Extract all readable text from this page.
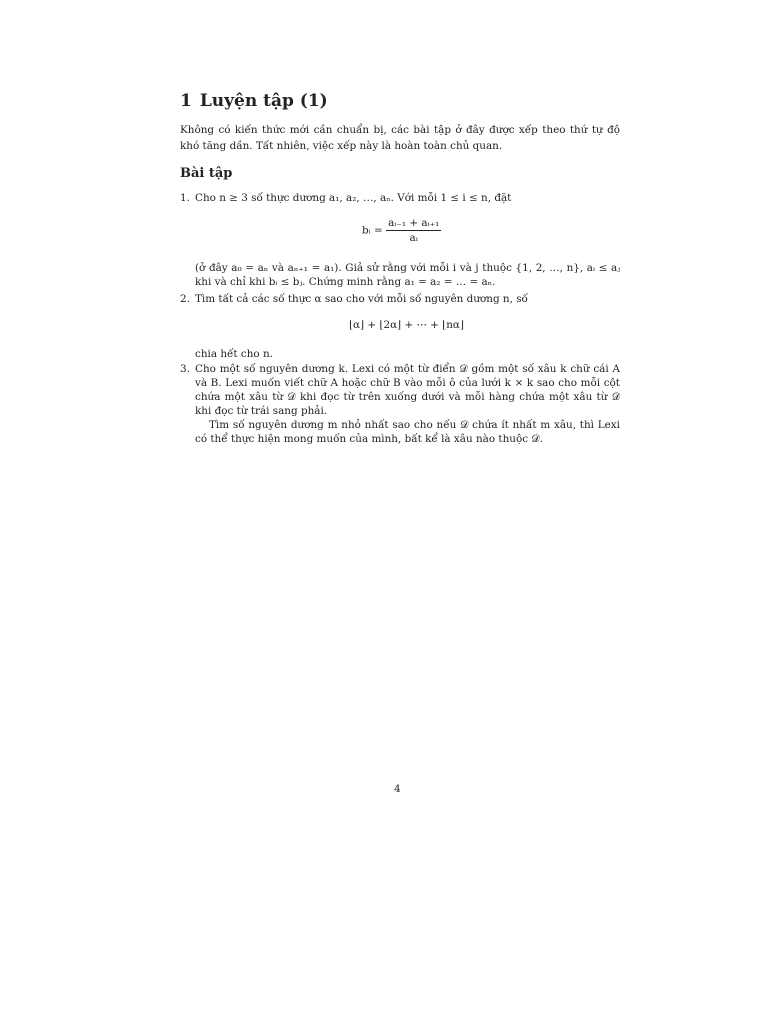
1 Luyện tập (1)
Không có kiến thức mới cần chuẩn bị, các bài tập ở đây được xếp theo thứ tự độ khó tăng dần. Tất nhiên, việc xếp này là hoàn toàn chủ quan.
Bài tập
1. Cho n ≥ 3 số thực dương a₁, a₂, …, aₙ. Với mỗi 1 ≤ i ≤ n, đặt
bᵢ = $\frac{\text{aᵢ₋₁ + aᵢ₊₁}}{\text{aᵢ}}$
(ở đây a₀ = aₙ và aₙ₊₁ = a₁). Giả sử rằng với mỗi i và j thuộc {1, 2, …, n}, aᵢ ≤ aⱼ khi và chỉ khi bᵢ ≤ bⱼ. Chứng minh rằng a₁ = a₂ = … = aₙ.
2. Tìm tất cả các số thực α sao cho với mỗi số nguyên dương n, số
⌊α⌋ + ⌊2α⌋ + ⋯ + ⌊nα⌋
chia hết cho n.
3. Cho một số nguyên dương k. Lexi có một từ điển 𝒟 gồm một số xâu k chữ cái A và B. Lexi muốn viết chữ A hoặc chữ B vào mỗi ô của lưới k × k sao cho mỗi cột chứa một xâu từ 𝒟 khi đọc từ trên xuống dưới và mỗi hàng chứa một xâu từ 𝒟 khi đọc từ trái sang phải.

Tìm số nguyên dương m nhỏ nhất sao cho nếu 𝒟 chứa ít nhất m xâu, thì Lexi có thể thực hiện mong muốn của mình, bất kể là xâu nào thuộc 𝒟.

4
